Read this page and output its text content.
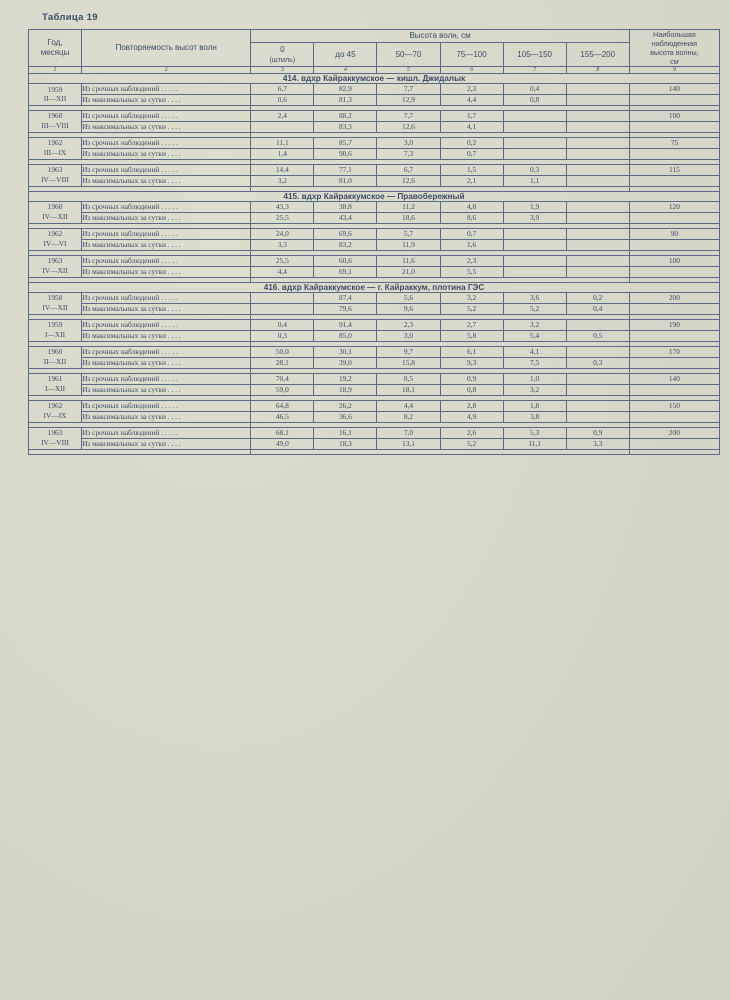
Таблица 19
Год,
месяцы
	Повторяемость высот волн	Высота волн, см	Наибольшая
наблюденная
высота волны,
см

		0
(штиль)	до 45	50—70	75—100	105—150	155—200	

1	2	3	4	5	6	7	8	9
414. вдхр Кайраккумское — кишл. Джидалык								

1959
II—XII	Из срочных наблюдений . . . . .	6,7	82,9	7,7	2,3	0,4		140
	Из максимальных за сутки . . . .	0,6	81,3	12,9	4,4	0,8		

1960
III—VIII	Из срочных наблюдений . . . . .	2,4	88,2	7,7	1,7			100
	Из максимальных за сутки . . . .		83,3	12,6	4,1			

1962
III—IX	Из срочных наблюдений . . . . .	11,1	85,7	3,0	0,2			75
	Из максимальных за сутки . . . .	1,4	90,6	7,3	0,7			

1963
IV—VIII	Из срочных наблюдений . . . . .	14,4	77,1	6,7	1,5	0,3		115
	Из максимальных за сутки . . . .	3,2	81,0	12,6	2,1	1,1		

415. вдхр Кайраккумское — Правобережный								

1960
IV—XII	Из срочных наблюдений . . . . .	43,3	38,8	11,2	4,8	1,9		120
	Из максимальных за сутки . . . .	25,5	43,4	18,6	8,6	3,9		

1962
IV—VI	Из срочных наблюдений . . . . .	24,0	69,6	5,7	0,7			90
	Из максимальных за сутки . . . .	3,3	83,2	11,9	1,6			

1963
IV—XII	Из срочных наблюдений . . . . .	25,5	60,6	11,6	2,3			100
	Из максимальных за сутки . . . .	4,4	69,1	21,0	5,5			

416. вдхр Кайраккумское — г. Кайраккум, плотина ГЭС								

1958
IV—XII	Из срочных наблюдений . . . . .		87,4	5,6	3,2	3,6	0,2	200
	Из максимальных за сутки . . . .		79,6	9,6	5,2	5,2	0,4	

1959
I—XII	Из срочных наблюдений . . . . .	0,4	91,4	2,3	2,7	3,2		190
	Из максимальных за сутки . . . .	0,3	85,0	3,0	5,8	5,4	0,5	

1960
II—XII	Из срочных наблюдений . . . . .	50,0	30,1	9,7	6,1	4,1		170
	Из максимальных за сутки . . . .	28,1	39,0	15,8	9,3	7,5	0,3	

1961
I—XII	Из срочных наблюдений . . . . .	70,4	19,2	8,5	0,9	1,0		140
	Из максимальных за сутки . . . .	59,0	18,9	18,1	0,8	3,2		

1962
IV—IX	Из срочных наблюдений . . . . .	64,8	26,2	4,4	2,8	1,8		150
	Из максимальных за сутки . . . .	46,5	36,6	8,2	4,9	3,8		

1963
IV—VIII	Из срочных наблюдений . . . . .	68,1	16,1	7,0	2,6	5,3	0,9	200
	Из максимальных за сутки . . . .	49,0	18,3	13,1	5,2	11,1	3,3	
